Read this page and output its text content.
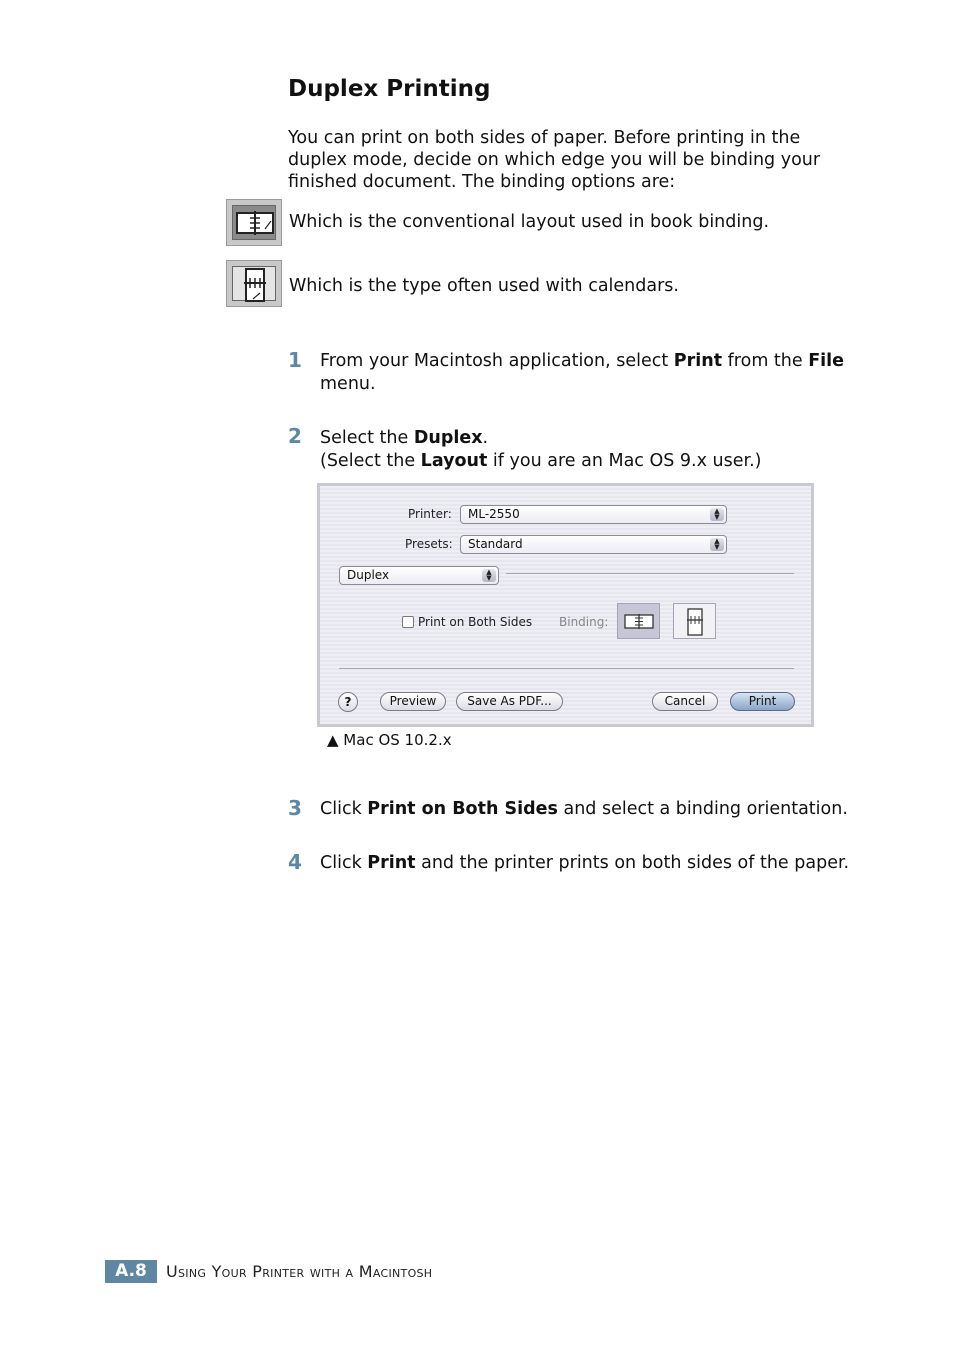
Duplex Printing
You can print on both sides of paper. Before printing in the duplex mode, decide on which edge you will be binding your finished document. The binding options are:
Which is the conventional layout used in book binding.
Which is the type often used with calendars.
1 From your Macintosh application, select Print from the File menu.
2 Select the Duplex.
(Select the Layout if you are an Mac OS 9.x user.)
Printer:	ML-2550	▲
▼
Presets:	Standard	▲
▼
Duplex	▲
▼
Print on Both Sides Binding:
?	Preview	Save As PDF...	Cancel	Print
▲ Mac OS 10.2.x
3 Click Print on Both Sides and select a binding orientation.
4 Click Print and the printer prints on both sides of the paper.
A.8	Using Your Printer with a Macintosh
